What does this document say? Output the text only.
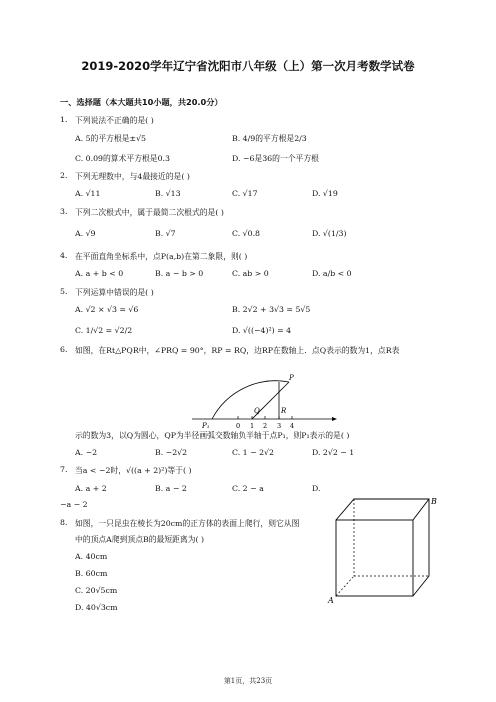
2019-2020学年辽宁省沈阳市八年级（上）第一次月考数学试卷
一、选择题（本大题共10小题，共20.0分）
1. 下列说法不正确的是( )
A. 5的平方根是±√5	B. 4/9的平方根是2/3
C. 0.09的算术平方根是0.3	D. −6是36的一个平方根
2. 下列无理数中，与4最接近的是( )
A. √11	B. √13	C. √17	D. √19
3. 下列二次根式中，属于最简二次根式的是( )
A. √9	B. √7	C. √0.8	D. √(1/3)
4. 在平面直角坐标系中，点P(a,b)在第二象限，则( )
A. a + b < 0	B. a − b > 0	C. ab > 0	D. a/b < 0
5. 下列运算中错误的是( )
A. √2 × √3 = √6	B. 2√2 + 3√3 = 5√5
C. 1/√2 = √2/2	D. √((−4)²) = 4
6. 如图，在Rt△PQR中，∠PRQ = 90°，RP = RQ，边RP在数轴上．点Q表示的数为1，点R表
P
Q	R
P₁	0 1 2 3 4
示的数为3，以Q为圆心，QP为半径画弧交数轴负半轴于点P₁，则P₁表示的是( )
A. −2	B. −2√2	C. 1 − 2√2	D. 2√2 − 1
7. 当a < −2时，√((a + 2)²)等于( )
A. a + 2	B. a − 2	C. 2 − a	D.
−a − 2
8. 如图，一只昆虫在棱长为20cm的正方体的表面上爬行，则它从图
中的顶点A爬到顶点B的最短距离为( )
A. 40cm
B. 60cm
C. 20√5cm
D. 40√3cm
B
A
第1页，共23页
